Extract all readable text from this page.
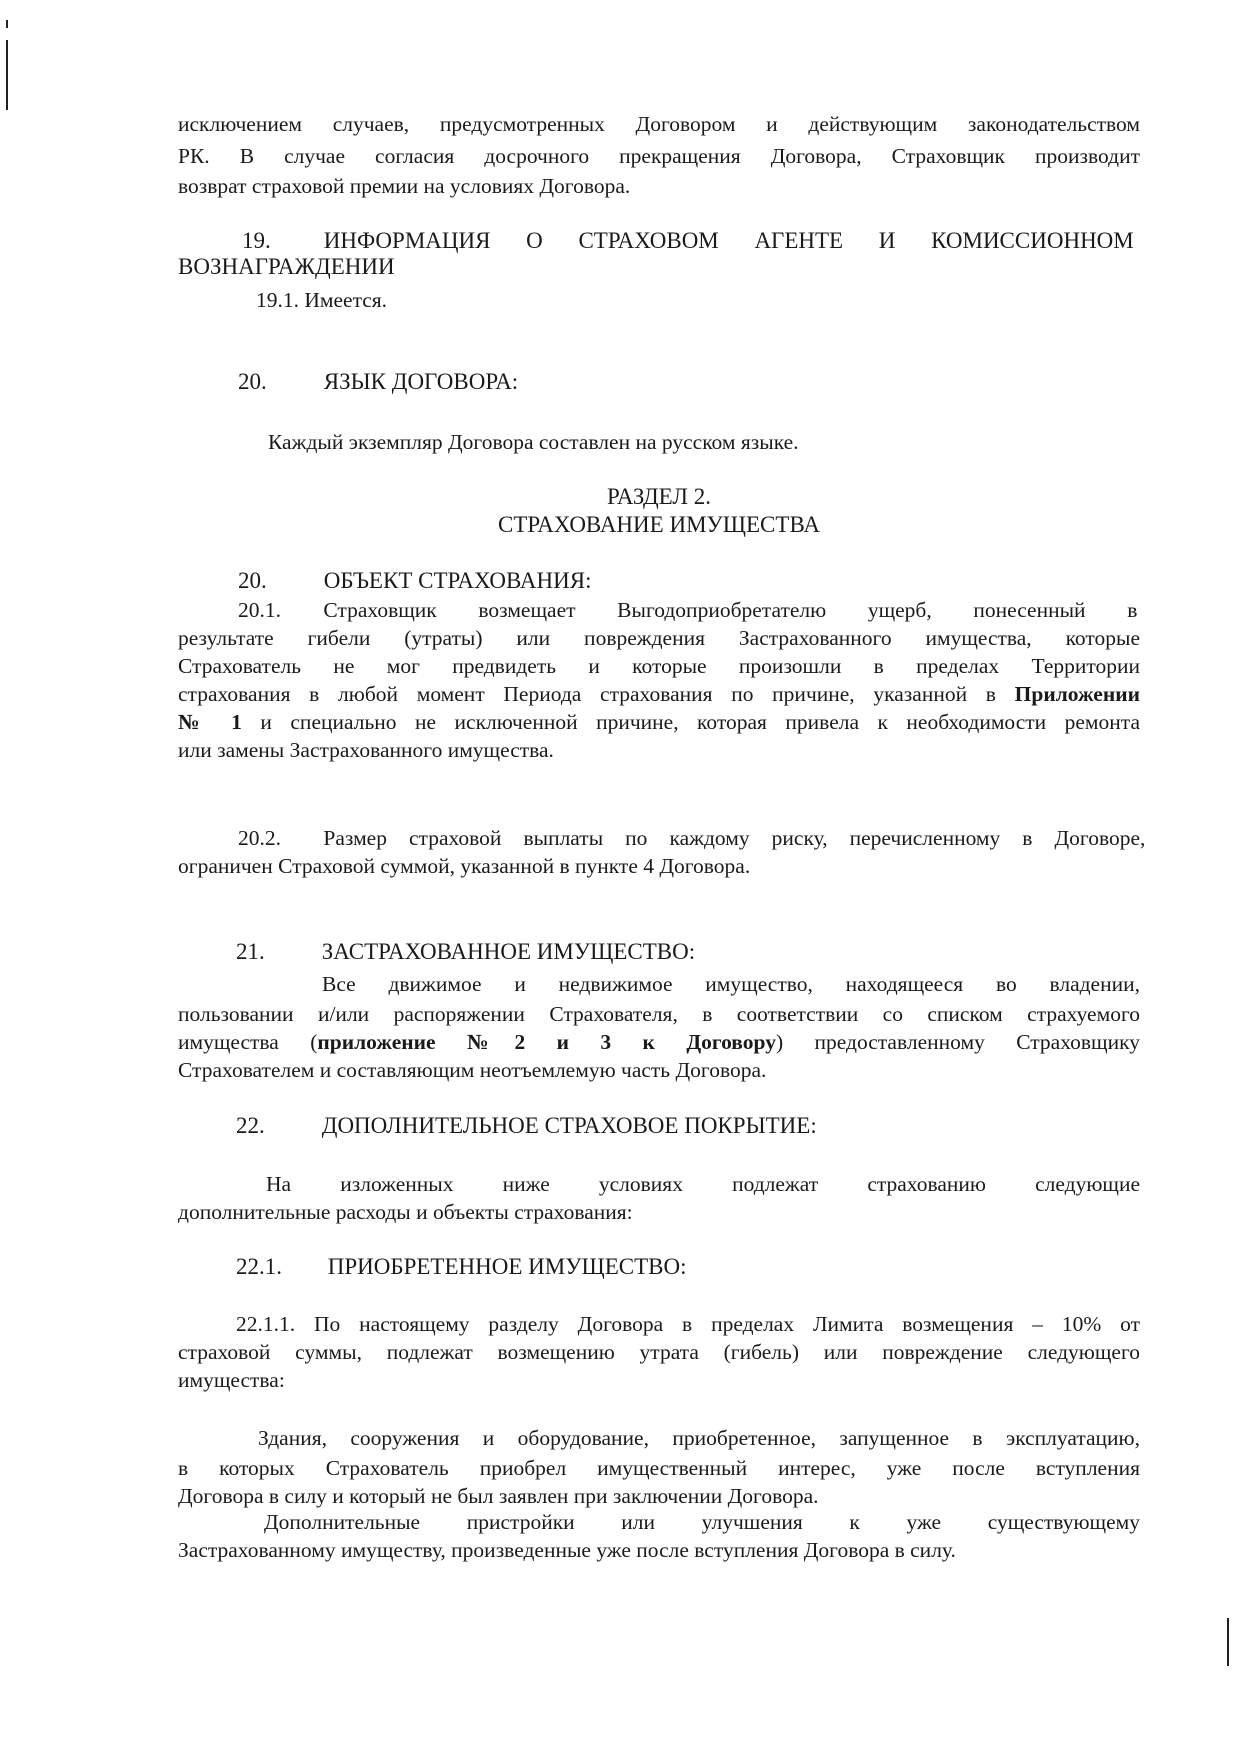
исключением случаев, предусмотренных Договором и действующим законодательством
РК. В случае согласия досрочного прекращения Договора, Страховщик производит
возврат страховой премии на условиях Договора.
19. ИНФОРМАЦИЯ О СТРАХОВОМ АГЕНТЕ И КОМИССИОННОМ
ВОЗНАГРАЖДЕНИИ
19.1. Имеется.
20. ЯЗЫК ДОГОВОРА:
Каждый экземпляр Договора составлен на русском языке.
РАЗДЕЛ 2.
СТРАХОВАНИЕ ИМУЩЕСТВА
20. ОБЪЕКТ СТРАХОВАНИЯ:
20.1. Страховщик возмещает Выгодоприобретателю ущерб, понесенный в
результате гибели (утраты) или повреждения Застрахованного имущества, которые
Страхователь не мог предвидеть и которые произошли в пределах Территории
страхования в любой момент Периода страхования по причине, указанной в Приложении
№ 1 и специально не исключенной причине, которая привела к необходимости ремонта
или замены Застрахованного имущества.
20.2. Размер страховой выплаты по каждому риску, перечисленному в Договоре,
ограничен Страховой суммой, указанной в пункте 4 Договора.
21. ЗАСТРАХОВАННОЕ ИМУЩЕСТВО:
Все движимое и недвижимое имущество, находящееся во владении,
пользовании и/или распоряжении Страхователя, в соответствии со списком страхуемого
имущества (приложение №2 и 3 к Договору) предоставленному Страховщику
Страхователем и составляющим неотъемлемую часть Договора.
22. ДОПОЛНИТЕЛЬНОЕ СТРАХОВОЕ ПОКРЫТИЕ:
На изложенных ниже условиях подлежат страхованию следующие
дополнительные расходы и объекты страхования:
22.1. ПРИОБРЕТЕННОЕ ИМУЩЕСТВО:
22.1.1. По настоящему разделу Договора в пределах Лимита возмещения – 10% от
страховой суммы, подлежат возмещению утрата (гибель) или повреждение следующего
имущества:
Здания, сооружения и оборудование, приобретенное, запущенное в эксплуатацию,
в которых Страхователь приобрел имущественный интерес, уже после вступления
Договора в силу и который не был заявлен при заключении Договора.
Дополнительные пристройки или улучшения к уже существующему
Застрахованному имуществу, произведенные уже после вступления Договора в силу.
